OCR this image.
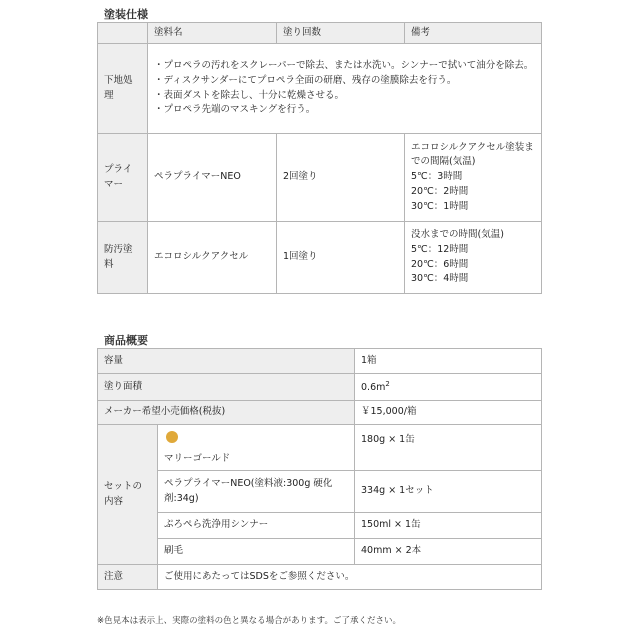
塗装仕様
	塗料名	塗り回数	備考
下地処理	・プロペラの汚れをスクレーパーで除去、または水洗い。シンナーで拭いて油分を除去。
・ディスクサンダーにてプロペラ全面の研磨、残存の塗膜除去を行う。
・表面ダストを除去し、十分に乾燥させる。
・プロペラ先端のマスキングを行う。		

プライマー	ペラプライマーNEO	2回塗り	エコロシルクアクセル塗装までの間隔(気温)
5℃：3時間
20℃：2時間
30℃：1時間

防汚塗料	エコロシルクアクセル	1回塗り	没水までの時間(気温)
5℃：12時間
20℃：6時間
30℃：4時間
商品概要
容量		1箱
塗り面積		$0.6m^2$
メーカー希望小売価格(税抜)		￥15,000/箱
セットの内容	マリーゴールド	180g × 1缶
	ペラプライマーNEO(塗料液:300g 硬化剤:34g)	334g × 1セット
	ぷろぺら洗浄用シンナー	150ml × 1缶
	刷毛	40mm × 2本
注意	ご使用にあたってはSDSをご参照ください。	
※色見本は表示上、実際の塗料の色と異なる場合があります。ご了承ください。
